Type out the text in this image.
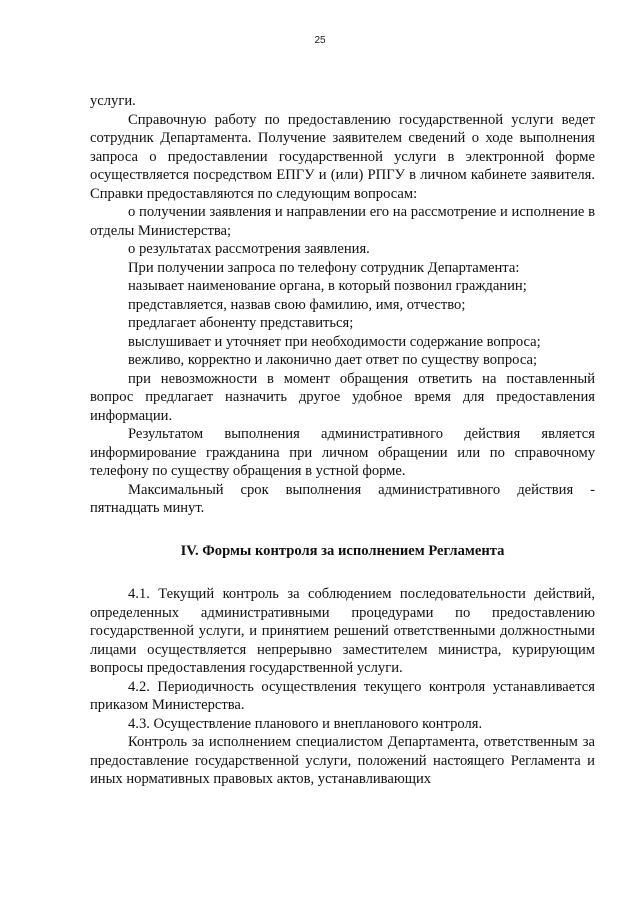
25

услуги.

Справочную работу по предоставлению государственной услуги ведет сотрудник Департамента. Получение заявителем сведений о ходе выполнения запроса о предоставлении государственной услуги в электронной форме осуществляется посредством ЕПГУ и (или) РПГУ в личном кабинете заявителя. Справки предоставляются по следующим вопросам:

о получении заявления и направлении его на рассмотрение и исполнение в отделы Министерства;

о результатах рассмотрения заявления.

При получении запроса по телефону сотрудник Департамента:

называет наименование органа, в который позвонил гражданин;

представляется, назвав свою фамилию, имя, отчество;

предлагает абоненту представиться;

выслушивает и уточняет при необходимости содержание вопроса;

вежливо, корректно и лаконично дает ответ по существу вопроса;

при невозможности в момент обращения ответить на поставленный вопрос предлагает назначить другое удобное время для предоставления информации.

Результатом выполнения административного действия является информирование гражданина при личном обращении или по справочному телефону по существу обращения в устной форме.

Максимальный срок выполнения административного действия - пятнадцать минут.

IV. Формы контроля за исполнением Регламента

4.1. Текущий контроль за соблюдением последовательности действий, определенных административными процедурами по предоставлению государственной услуги, и принятием решений ответственными должностными лицами осуществляется непрерывно заместителем министра, курирующим вопросы предоставления государственной услуги.

4.2. Периодичность осуществления текущего контроля устанавливается приказом Министерства.

4.3. Осуществление планового и внепланового контроля.

Контроль за исполнением специалистом Департамента, ответственным за предоставление государственной услуги, положений настоящего Регламента и иных нормативных правовых актов, устанавливающих
